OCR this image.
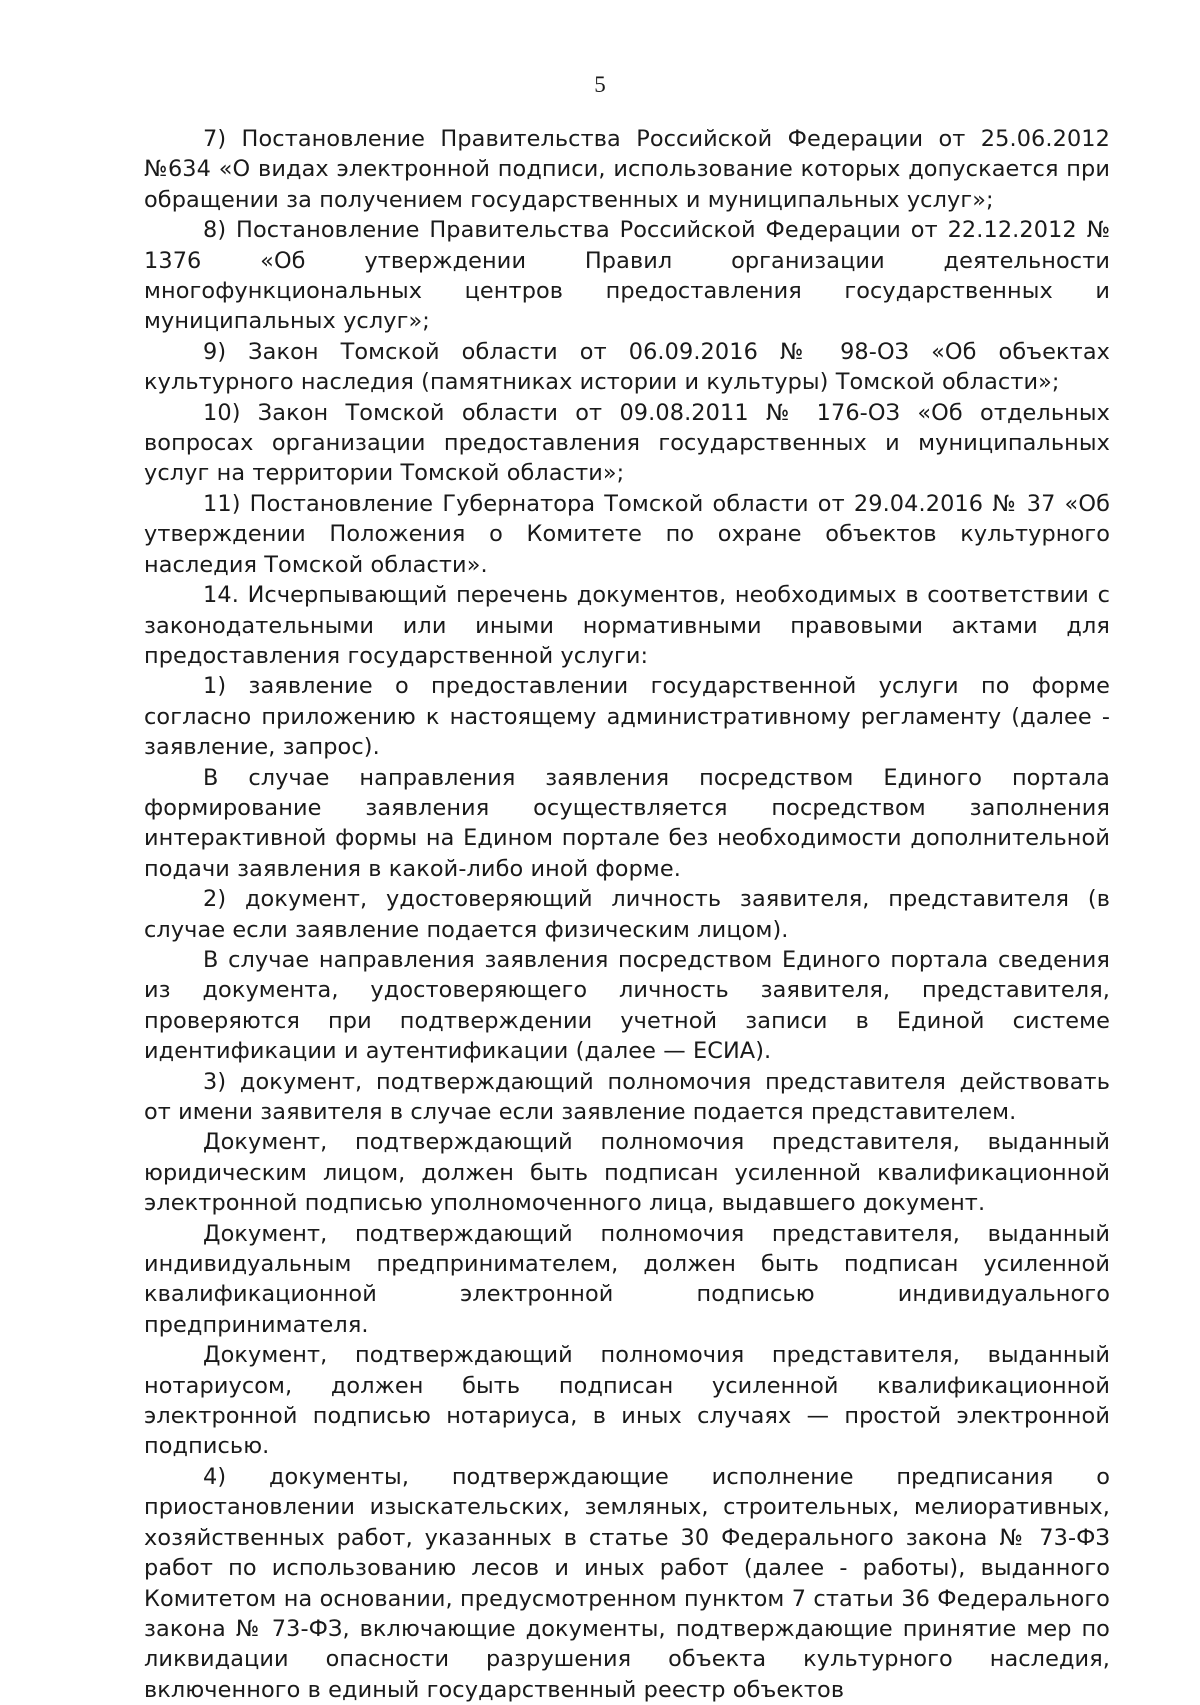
5

7) Постановление Правительства Российской Федерации от 25.06.2012 №634 «О видах электронной подписи, использование которых допускается при обращении за получением государственных и муниципальных услуг»;

8) Постановление Правительства Российской Федерации от 22.12.2012 № 1376 «Об утверждении Правил организации деятельности многофункциональных центров предоставления государственных и муниципальных услуг»;

9) Закон Томской области от 06.09.2016 № 98-ОЗ «Об объектах культурного наследия (памятниках истории и культуры) Томской области»;

10) Закон Томской области от 09.08.2011 № 176-ОЗ «Об отдельных вопросах организации предоставления государственных и муниципальных услуг на территории Томской области»;

11) Постановление Губернатора Томской области от 29.04.2016 № 37 «Об утверждении Положения о Комитете по охране объектов культурного наследия Томской области».

14. Исчерпывающий перечень документов, необходимых в соответствии с законодательными или иными нормативными правовыми актами для предоставления государственной услуги:

1) заявление о предоставлении государственной услуги по форме согласно приложению к настоящему административному регламенту (далее - заявление, запрос).

В случае направления заявления посредством Единого портала формирование заявления осуществляется посредством заполнения интерактивной формы на Едином портале без необходимости дополнительной подачи заявления в какой-либо иной форме.

2) документ, удостоверяющий личность заявителя, представителя (в случае если заявление подается физическим лицом).

В случае направления заявления посредством Единого портала сведения из документа, удостоверяющего личность заявителя, представителя, проверяются при подтверждении учетной записи в Единой системе идентификации и аутентификации (далее — ЕСИА).

3) документ, подтверждающий полномочия представителя действовать от имени заявителя в случае если заявление подается представителем.

Документ, подтверждающий полномочия представителя, выданный юридическим лицом, должен быть подписан усиленной квалификационной электронной подписью уполномоченного лица, выдавшего документ.

Документ, подтверждающий полномочия представителя, выданный индивидуальным предпринимателем, должен быть подписан усиленной квалификационной электронной подписью индивидуального предпринимателя.

Документ, подтверждающий полномочия представителя, выданный нотариусом, должен быть подписан усиленной квалификационной электронной подписью нотариуса, в иных случаях — простой электронной подписью.

4) документы, подтверждающие исполнение предписания о приостановлении изыскательских, земляных, строительных, мелиоративных, хозяйственных работ, указанных в статье 30 Федерального закона № 73-ФЗ работ по использованию лесов и иных работ (далее - работы), выданного Комитетом на основании, предусмотренном пунктом 7 статьи 36 Федерального закона № 73-ФЗ, включающие документы, подтверждающие принятие мер по ликвидации опасности разрушения объекта культурного наследия, включенного в единый государственный реестр объектов
